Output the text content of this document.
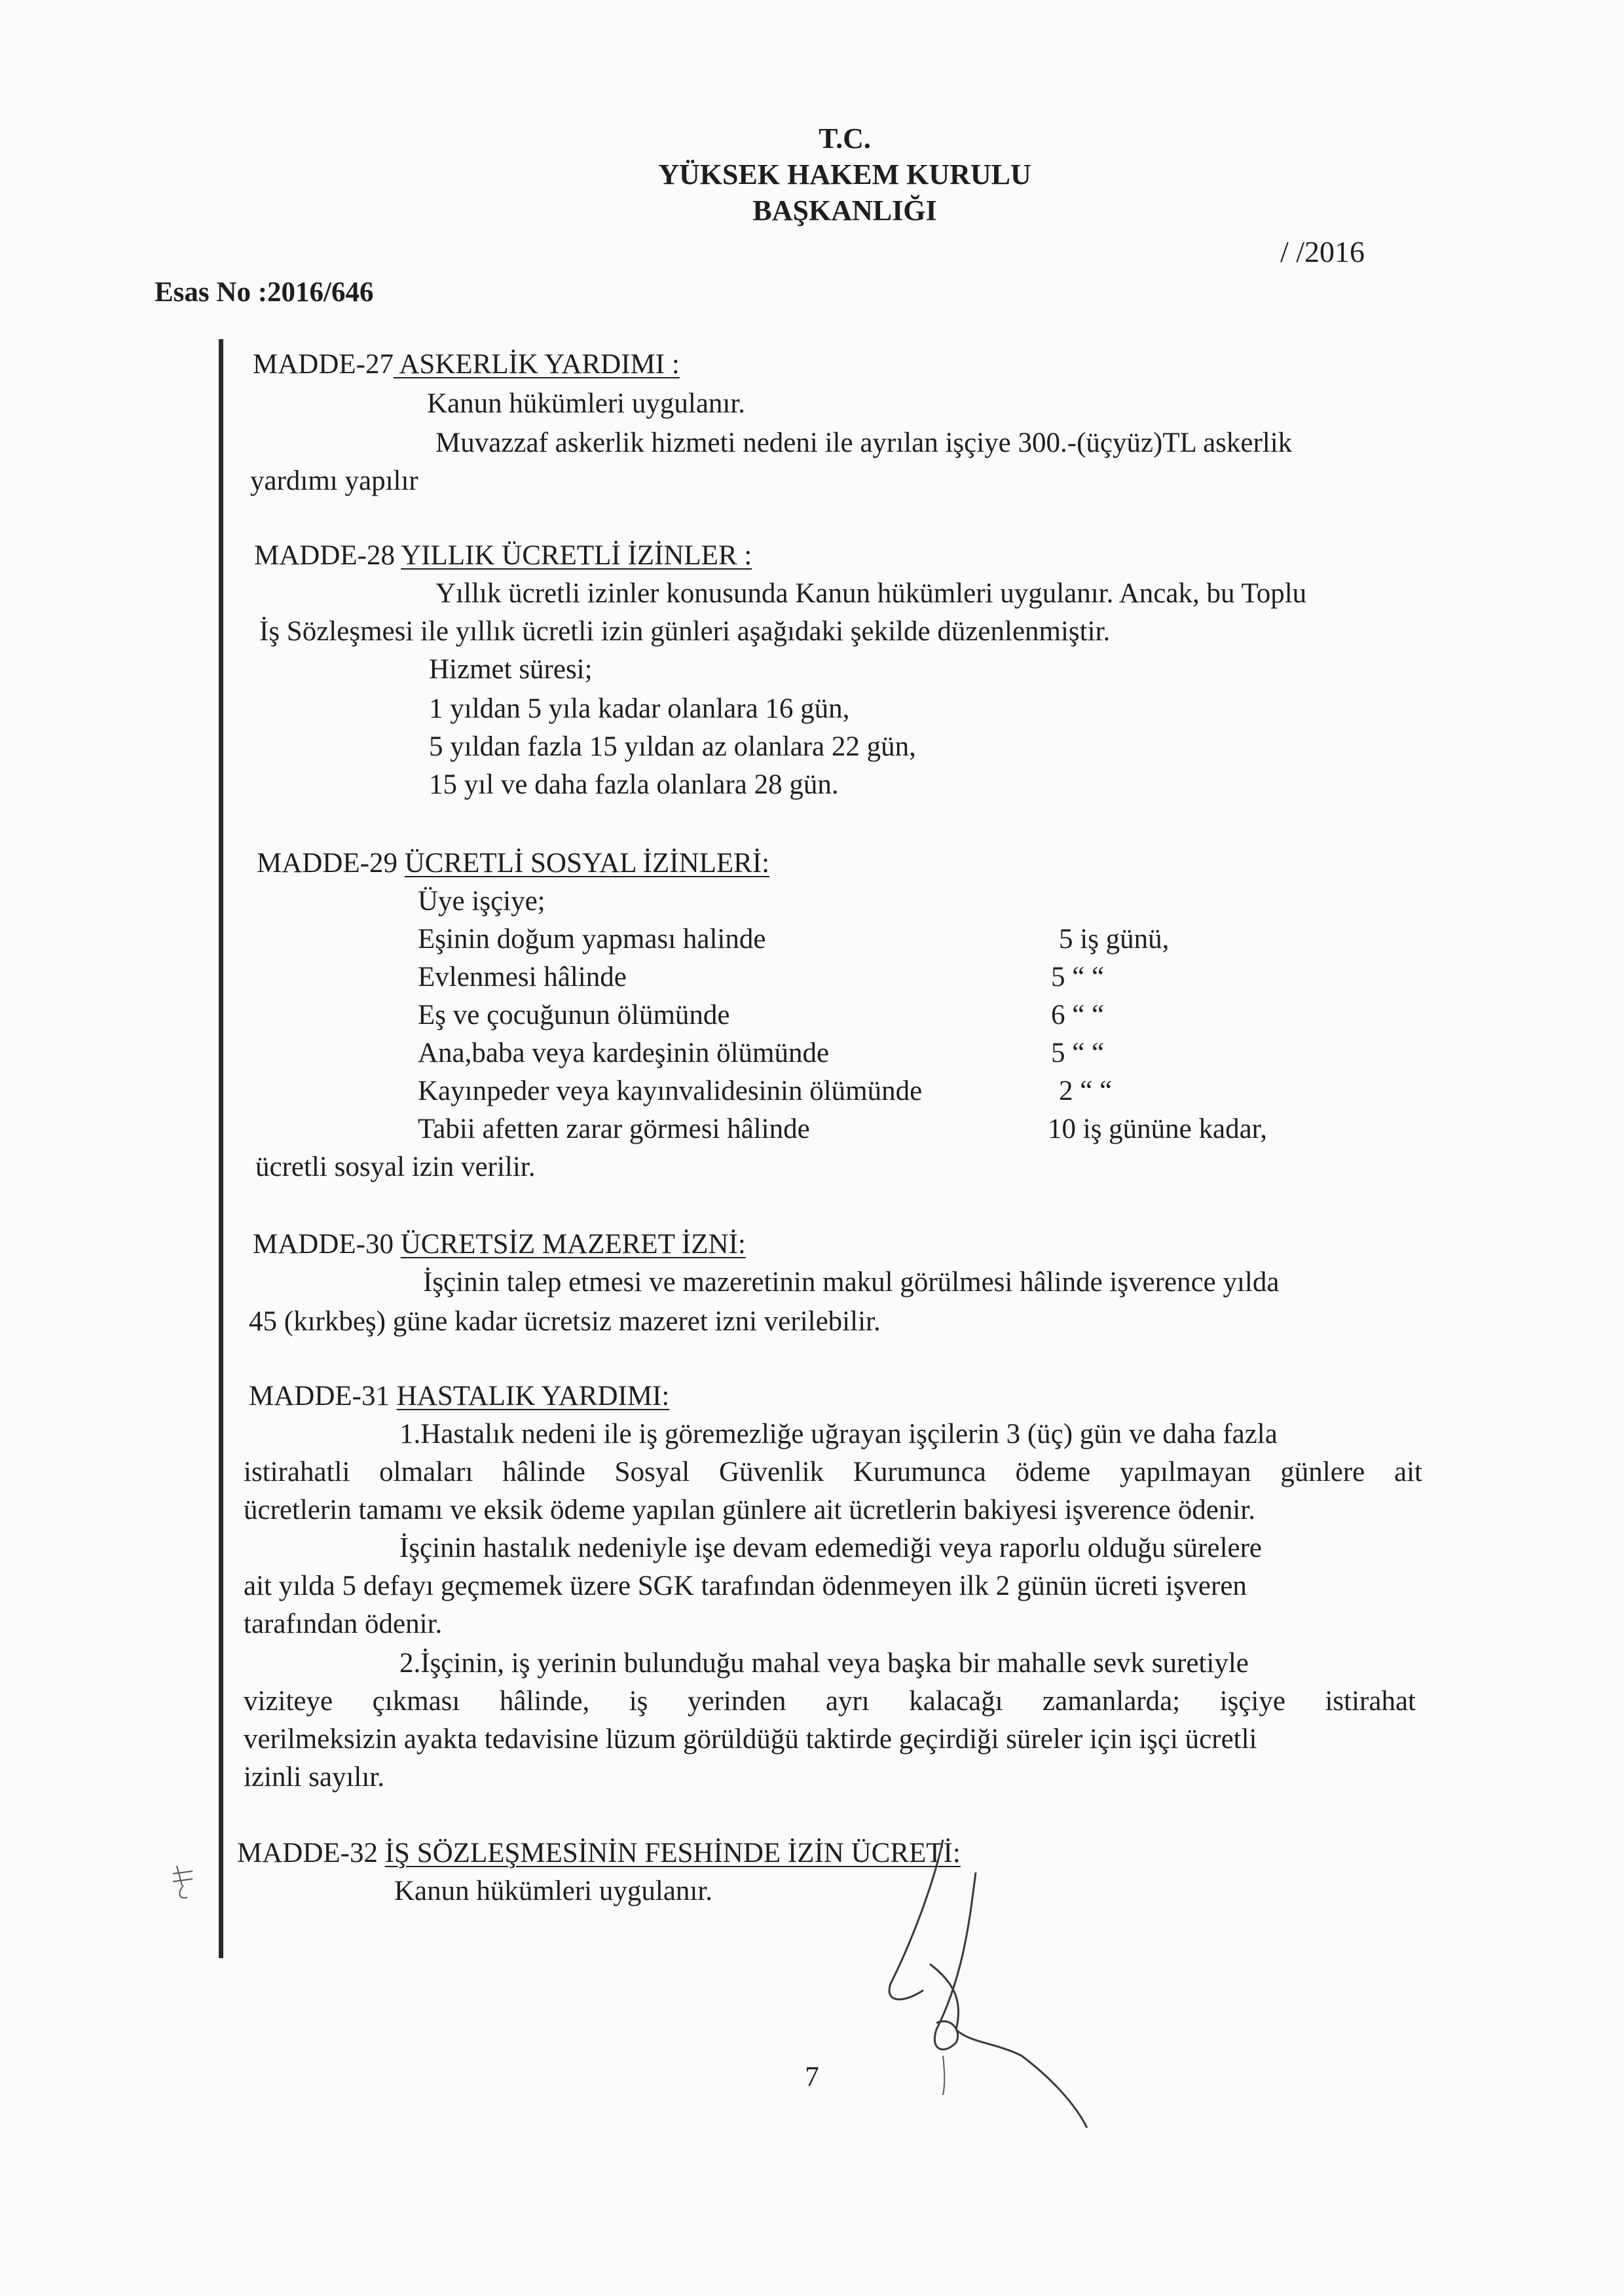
T.C.
YÜKSEK HAKEM KURULU
BAŞKANLIĞI
/ /2016
Esas No :2016/646
MADDE-27 ASKERLİK YARDIMI :
Kanun hükümleri uygulanır.
Muvazzaf askerlik hizmeti nedeni ile ayrılan işçiye 300.-(üçyüz)TL askerlik
yardımı yapılır
MADDE-28 YILLIK ÜCRETLİ İZİNLER :
Yıllık ücretli izinler konusunda Kanun hükümleri uygulanır. Ancak, bu Toplu
İş Sözleşmesi ile yıllık ücretli izin günleri aşağıdaki şekilde düzenlenmiştir.
Hizmet süresi;
1 yıldan 5 yıla kadar olanlara 16 gün,
5 yıldan fazla 15 yıldan az olanlara 22 gün,
15 yıl ve daha fazla olanlara 28 gün.
MADDE-29 ÜCRETLİ SOSYAL İZİNLERİ:
Üye işçiye;
Eşinin doğum yapması halinde	5 iş günü,
Evlenmesi hâlinde	5 “ “
Eş ve çocuğunun ölümünde	6 “ “
Ana,baba veya kardeşinin ölümünde	5 “ “
Kayınpeder veya kayınvalidesinin ölümünde	2 “ “
Tabii afetten zarar görmesi hâlinde	10 iş gününe kadar,
ücretli sosyal izin verilir.
MADDE-30 ÜCRETSİZ MAZERET İZNİ:
İşçinin talep etmesi ve mazeretinin makul görülmesi hâlinde işverence yılda
45 (kırkbeş) güne kadar ücretsiz mazeret izni verilebilir.
MADDE-31 HASTALIK YARDIMI:
1.Hastalık nedeni ile iş göremezliğe uğrayan işçilerin 3 (üç) gün ve daha fazla
istirahatli olmaları hâlinde Sosyal Güvenlik Kurumunca ödeme yapılmayan günlere ait
ücretlerin tamamı ve eksik ödeme yapılan günlere ait ücretlerin bakiyesi işverence ödenir.
İşçinin hastalık nedeniyle işe devam edemediği veya raporlu olduğu sürelere
ait yılda 5 defayı geçmemek üzere SGK tarafından ödenmeyen ilk 2 günün ücreti işveren
tarafından ödenir.
2.İşçinin, iş yerinin bulunduğu mahal veya başka bir mahalle sevk suretiyle
viziteye çıkması hâlinde, iş yerinden ayrı kalacağı zamanlarda; işçiye istirahat
verilmeksizin ayakta tedavisine lüzum görüldüğü taktirde geçirdiği süreler için işçi ücretli
izinli sayılır.
MADDE-32 İŞ SÖZLEŞMESİNİN FESHİNDE İZİN ÜCRETİ:
Kanun hükümleri uygulanır.
7
